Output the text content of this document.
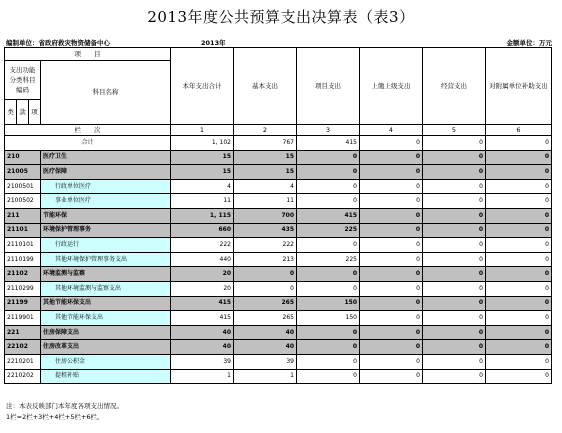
2013年度公共预算支出决算表（表3）
编制单位：省政府救灾物资储备中心	2013年	金额单位：万元
项　　目				本年支出合计	基本支出	项目支出	上缴上级支出	经营支出	对附属单位补助支出
支出功能分类科目编码			科目名称						
类	款	项							
栏　　次				1	2	3	4	5	6
合计				1, 102	767	415	0	0	0
210			医疗卫生	15	15	0	0	0	0
21005			医疗保障	15	15	0	0	0	0
2100501			行政单位医疗	4	4	0	0	0	0
2100502			事业单位医疗	11	11	0	0	0	0
211			节能环保	1, 115	700	415	0	0	0
21101			环境保护管理事务	660	435	225	0	0	0
2110101			行政运行	222	222	0	0	0	0
2110199			其他环境保护管理事务支出	440	213	225	0	0	0
21102			环境监测与监察	20	0	0	0	0	0
2110299			其他环境监测与监察支出	20	0	0	0	0	0
21199			其他节能环保支出	415	265	150	0	0	0
2119901			其他节能环保支出	415	265	150	0	0	0
221			住房保障支出	40	40	0	0	0	0
22102			住房改革支出	40	40	0	0	0	0
2210201			住房公积金	39	39	0	0	0	0
2210202			提租补贴	1	1	0	0	0	0
注：本表反映部门本年度各项支出情况。
1栏=2栏+3栏+4栏+5栏+6栏。
